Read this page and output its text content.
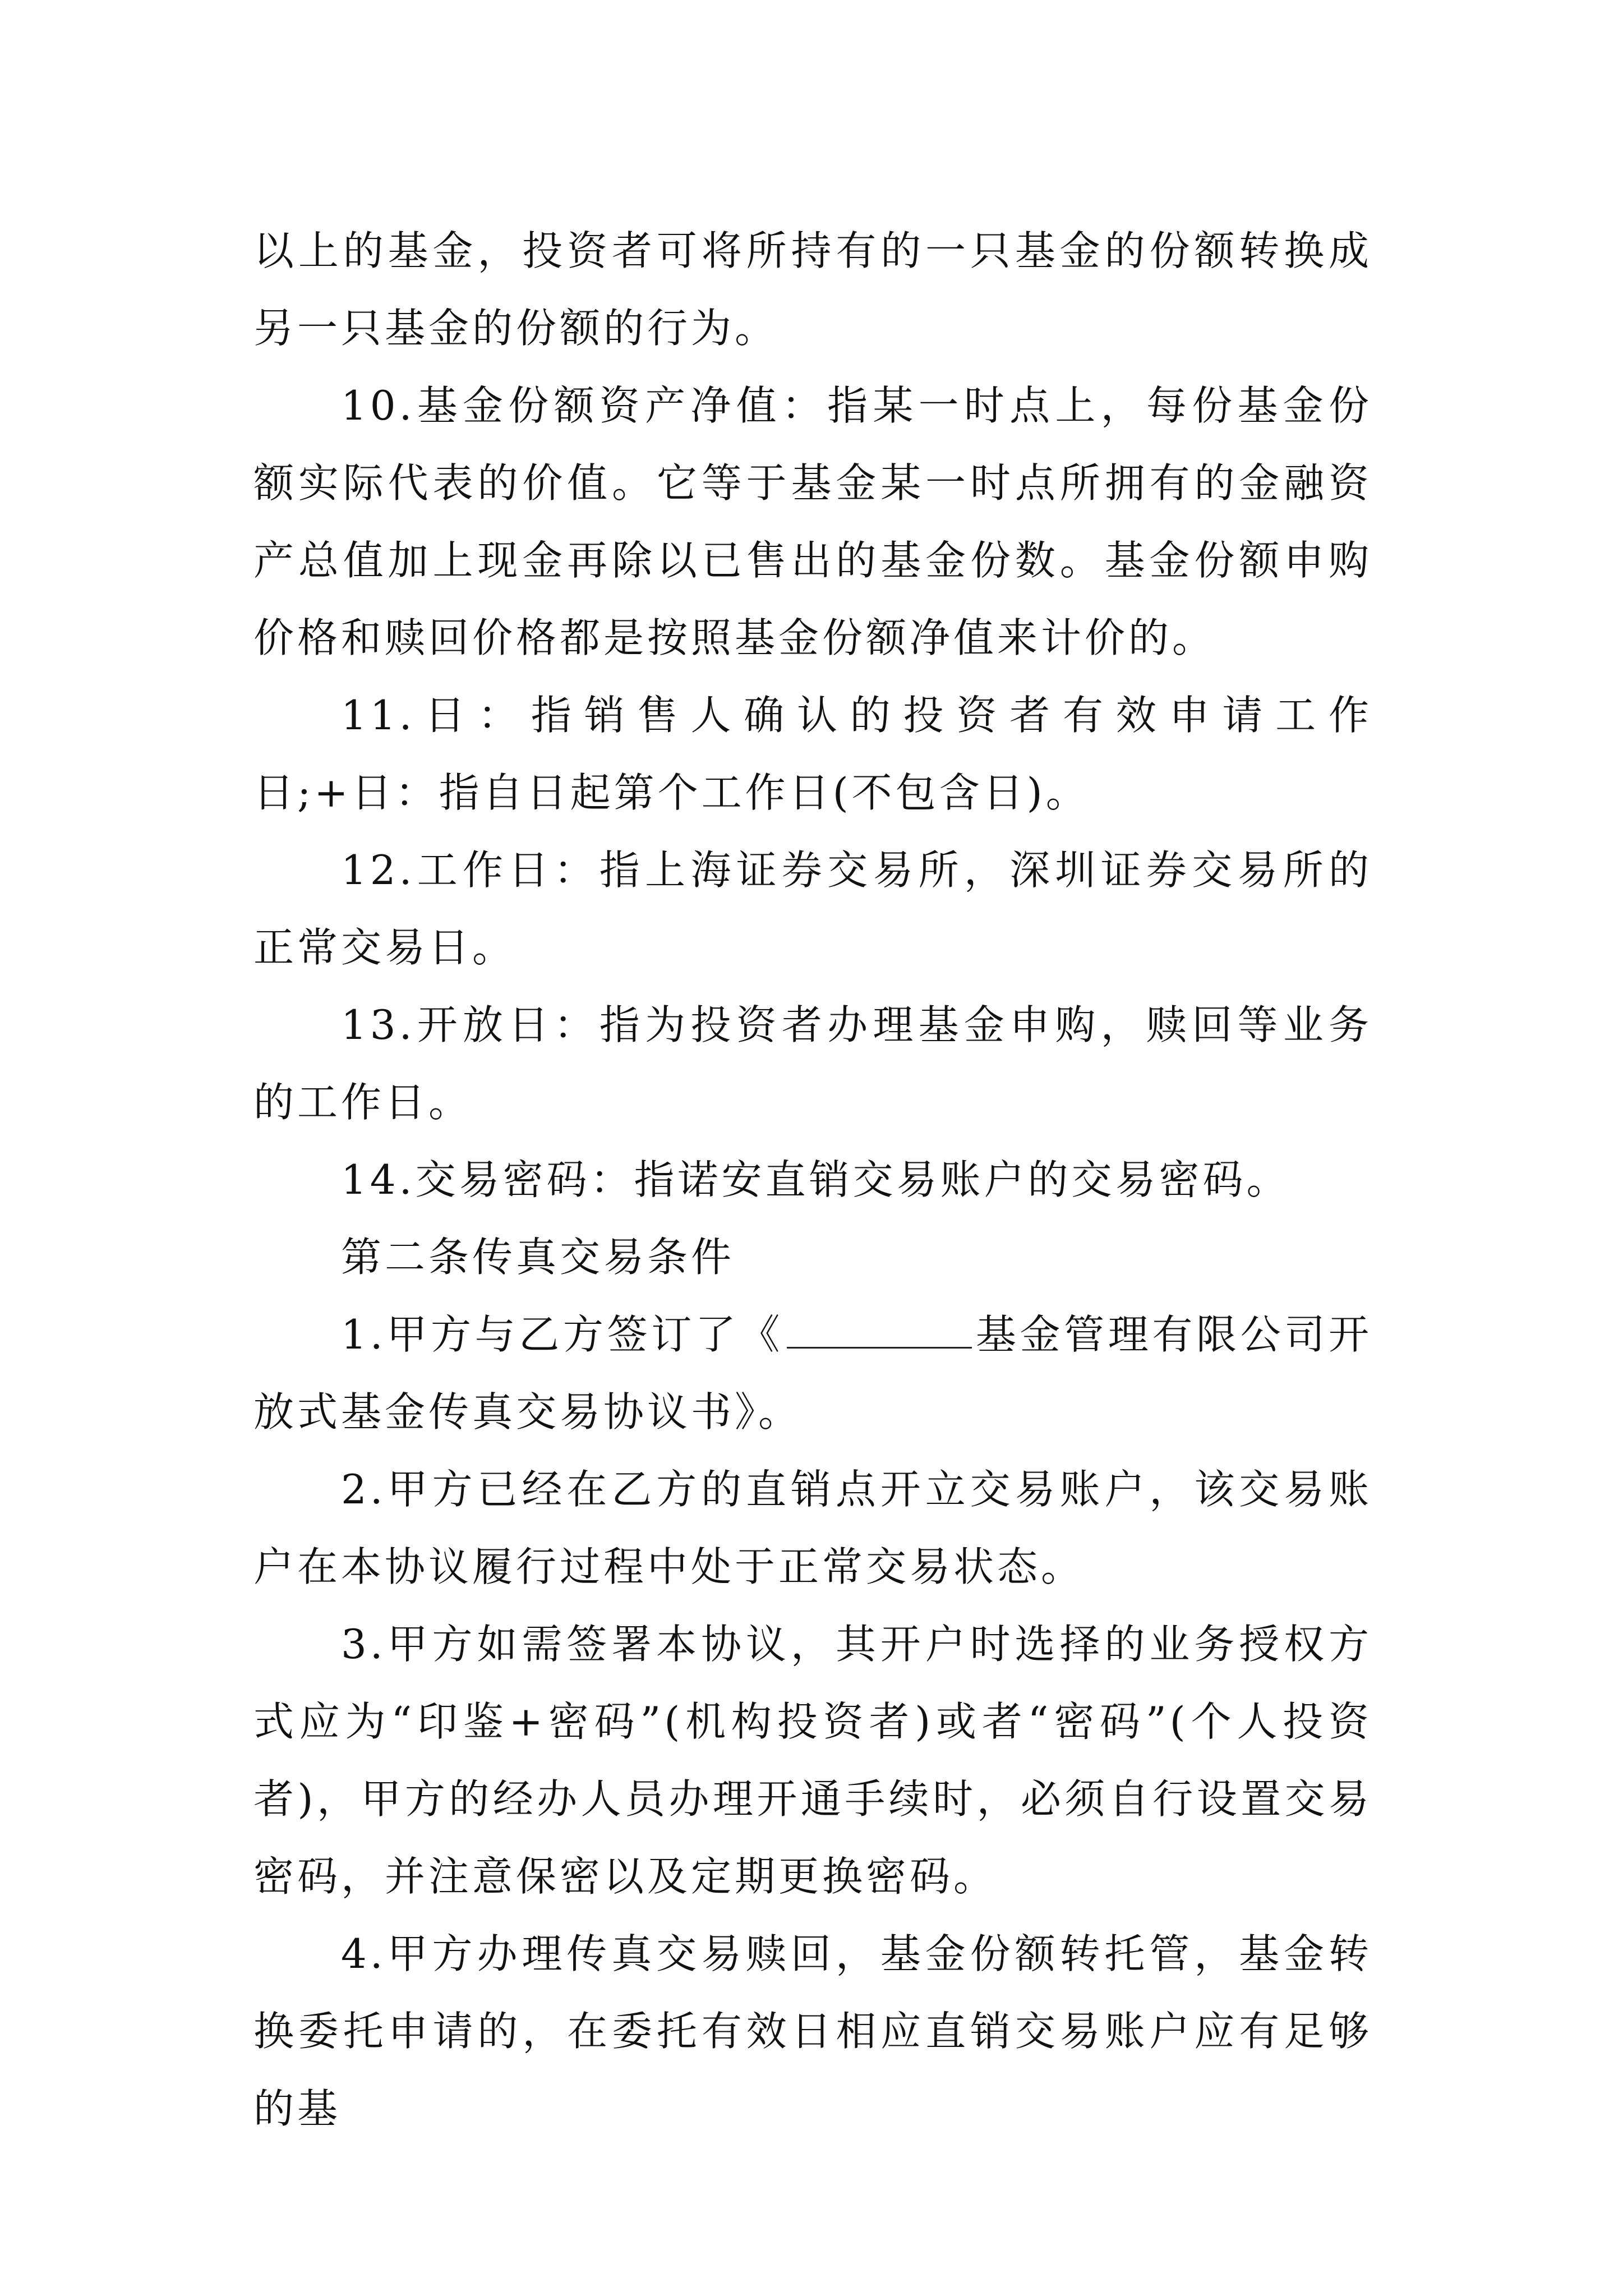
以上的基金，投资者可将所持有的一只基金的份额转换成另一只基金的份额的行为。

10.基金份额资产净值：指某一时点上，每份基金份额实际代表的价值。它等于基金某一时点所拥有的金融资产总值加上现金再除以已售出的基金份数。基金份额申购价格和赎回价格都是按照基金份额净值来计价的。

11.日：指销售人确认的投资者有效申请工作日;+日：指自日起第个工作日(不包含日)。

12.工作日：指上海证券交易所，深圳证券交易所的正常交易日。

13.开放日：指为投资者办理基金申购，赎回等业务的工作日。

14.交易密码：指诺安直销交易账户的交易密码。

第二条传真交易条件

1.甲方与乙方签订了《	基金管理有限公司开放式基金传真交易协议书》。

2.甲方已经在乙方的直销点开立交易账户，该交易账户在本协议履行过程中处于正常交易状态。

3.甲方如需签署本协议，其开户时选择的业务授权方式应为“印鉴+密码”(机构投资者)或者“密码”(个人投资者)，甲方的经办人员办理开通手续时，必须自行设置交易密码，并注意保密以及定期更换密码。

4.甲方办理传真交易赎回，基金份额转托管，基金转换委托申请的，在委托有效日相应直销交易账户应有足够的基
